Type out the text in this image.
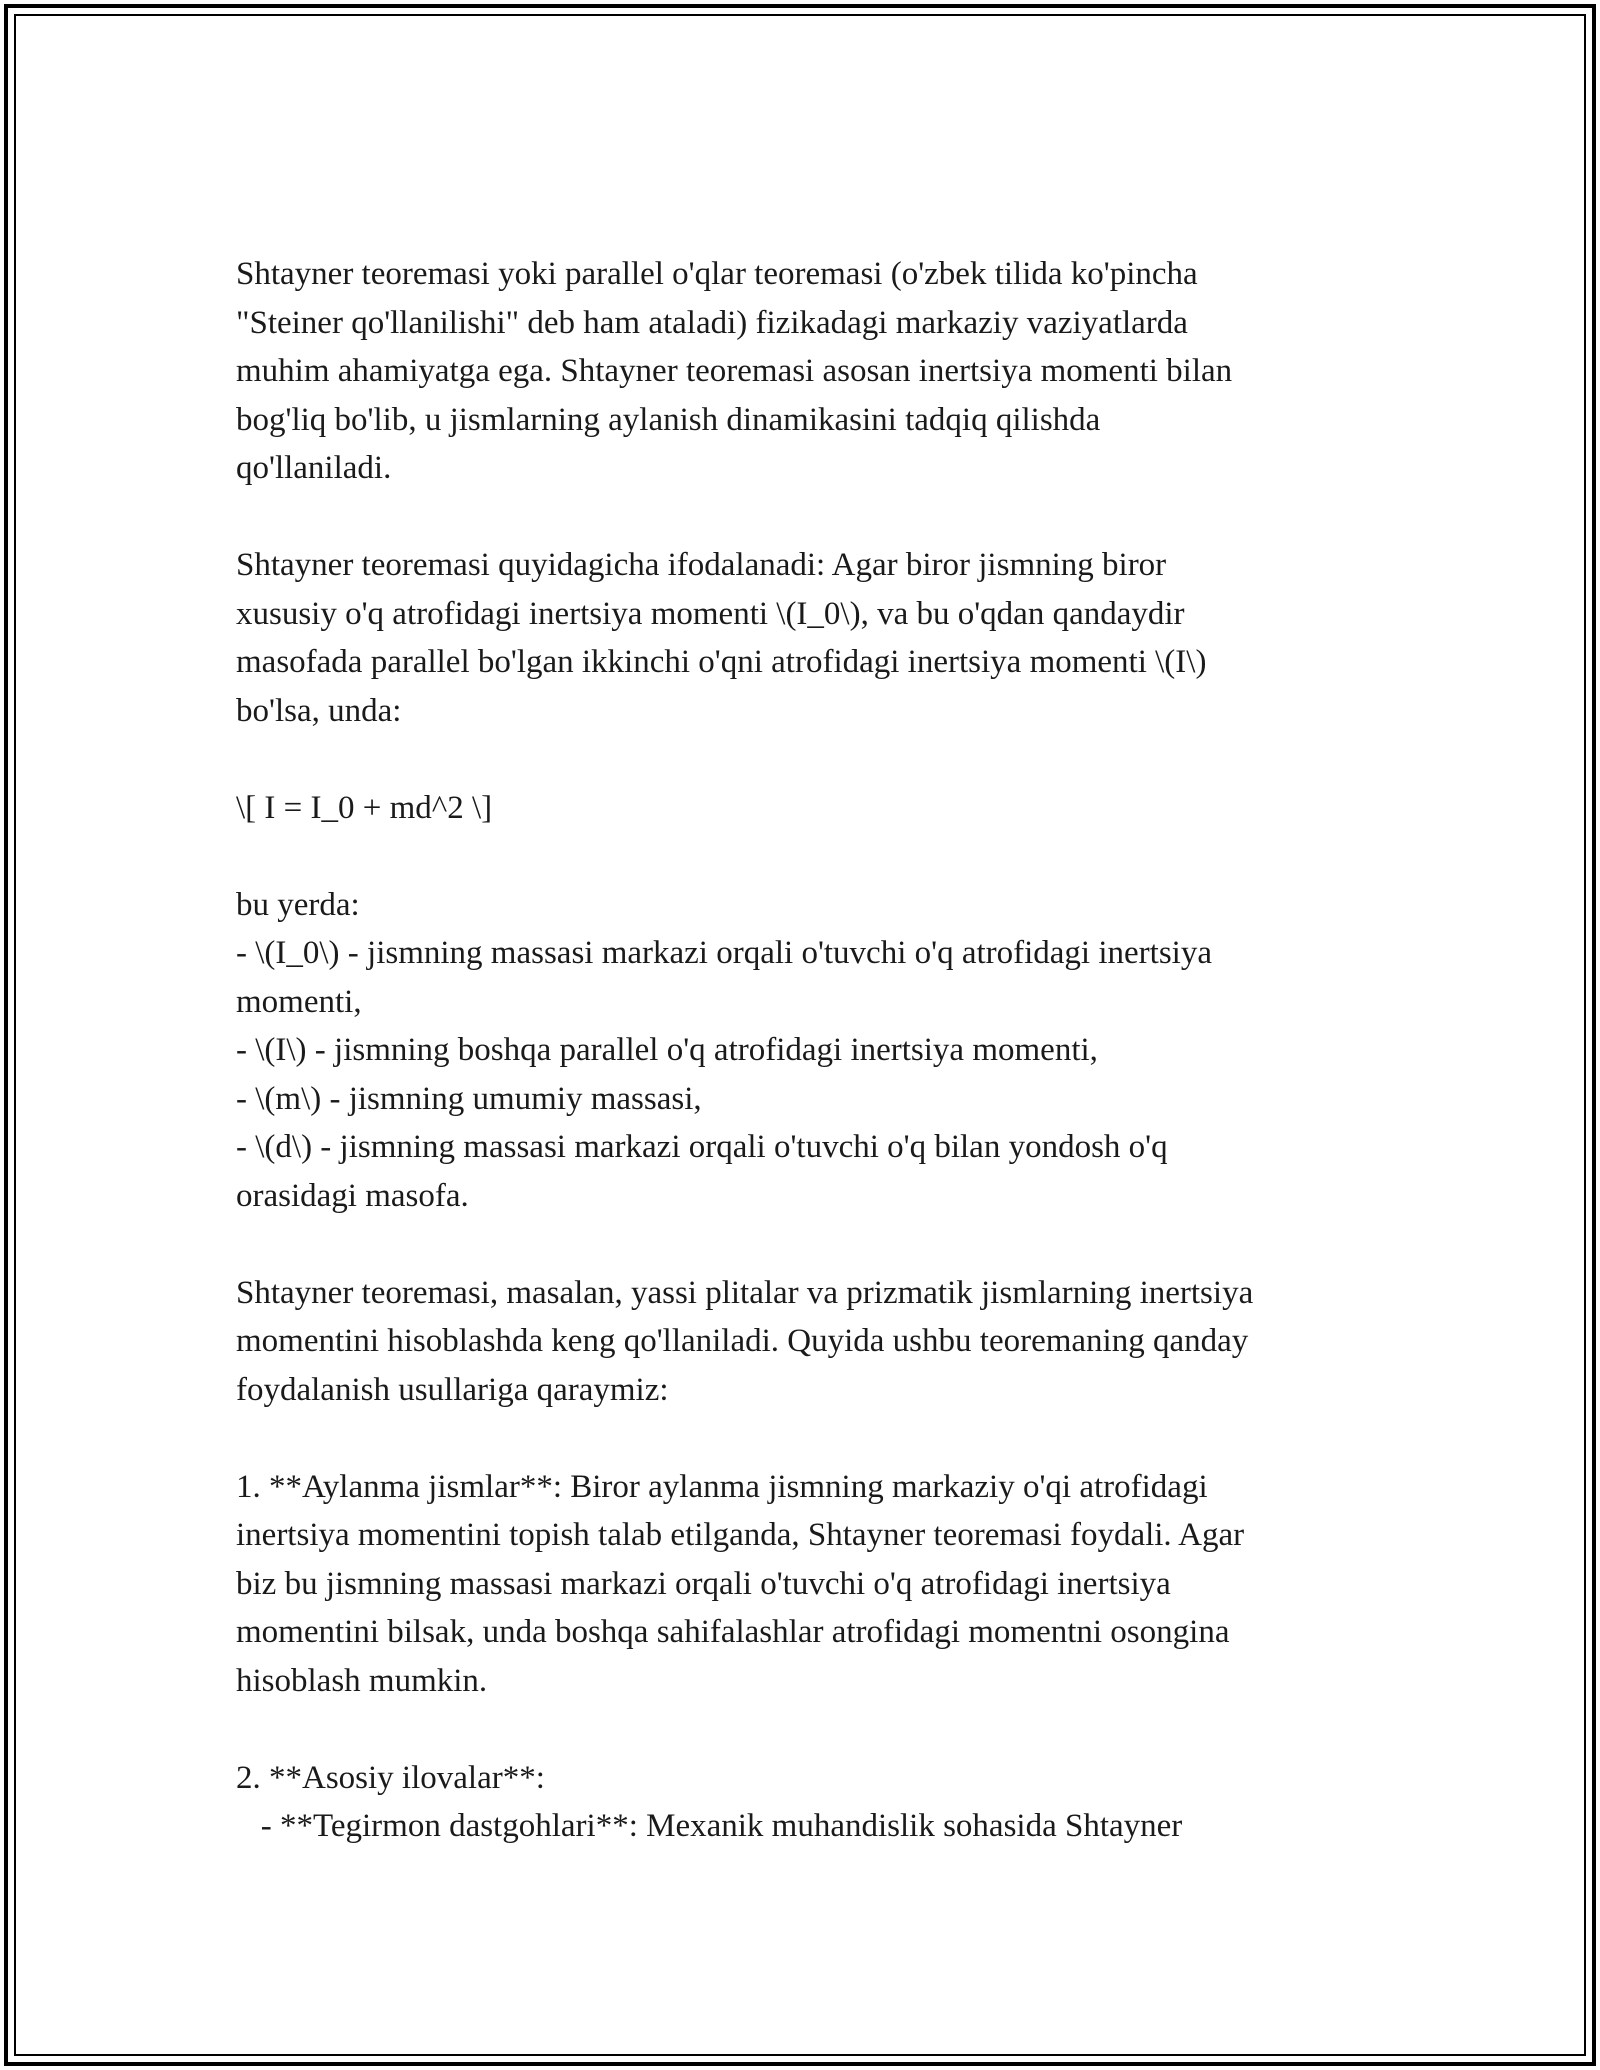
Shtayner teoremasi yoki parallel o'qlar teoremasi (o'zbek tilida ko'pincha
"Steiner qo'llanilishi" deb ham ataladi) fizikadagi markaziy vaziyatlarda
muhim ahamiyatga ega. Shtayner teoremasi asosan inertsiya momenti bilan
bog'liq bo'lib, u jismlarning aylanish dinamikasini tadqiq qilishda
qo'llaniladi.
Shtayner teoremasi quyidagicha ifodalanadi: Agar biror jismning biror
xususiy o'q atrofidagi inertsiya momenti \(I_0\), va bu o'qdan qandaydir
masofada parallel bo'lgan ikkinchi o'qni atrofidagi inertsiya momenti \(I\)
bo'lsa, unda:
\[ I = I_0 + md^2 \]
bu yerda:
- \(I_0\) - jismning massasi markazi orqali o'tuvchi o'q atrofidagi inertsiya
momenti,
- \(I\) - jismning boshqa parallel o'q atrofidagi inertsiya momenti,
- \(m\) - jismning umumiy massasi,
- \(d\) - jismning massasi markazi orqali o'tuvchi o'q bilan yondosh o'q
orasidagi masofa.
Shtayner teoremasi, masalan, yassi plitalar va prizmatik jismlarning inertsiya
momentini hisoblashda keng qo'llaniladi. Quyida ushbu teoremaning qanday
foydalanish usullariga qaraymiz:
1. **Aylanma jismlar**: Biror aylanma jismning markaziy o'qi atrofidagi
inertsiya momentini topish talab etilganda, Shtayner teoremasi foydali. Agar
biz bu jismning massasi markazi orqali o'tuvchi o'q atrofidagi inertsiya
momentini bilsak, unda boshqa sahifalashlar atrofidagi momentni osongina
hisoblash mumkin.
2. **Asosiy ilovalar**:
- **Tegirmon dastgohlari**: Mexanik muhandislik sohasida Shtayner
